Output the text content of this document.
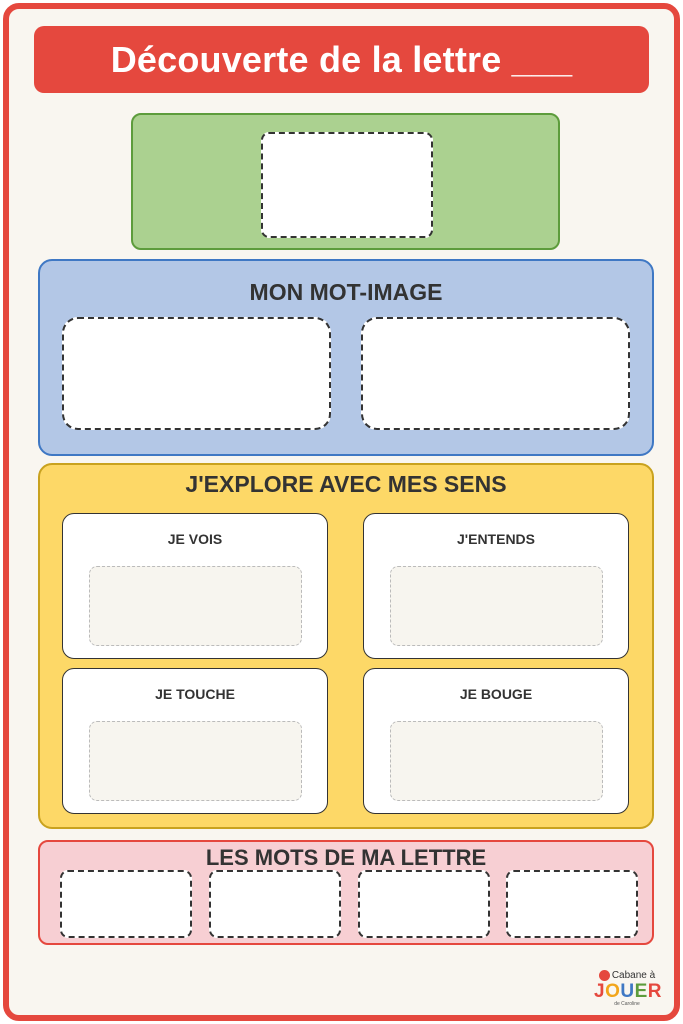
Découverte de la lettre ___
MON MOT-IMAGE
J'EXPLORE AVEC MES SENS
JE VOIS	J'ENTENDS
JE TOUCHE	JE BOUGE
LES MOTS DE MA LETTRE
Cabane à
JOUER
de Caroline
